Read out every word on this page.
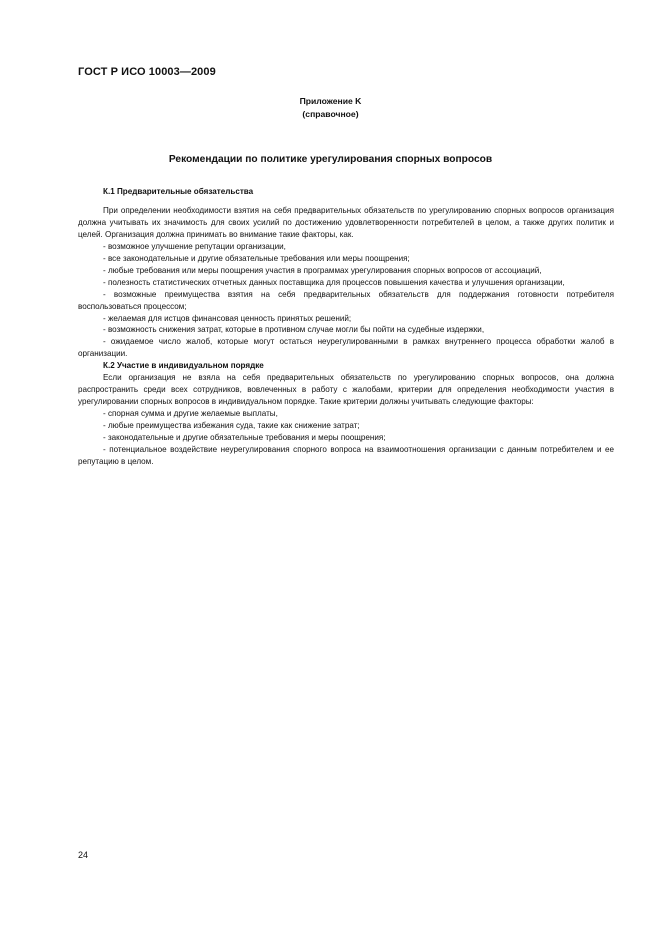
ГОСТ Р ИСО 10003—2009
Приложение K
(справочное)
Рекомендации по политике урегулирования спорных вопросов

К.1 Предварительные обязательства

При определении необходимости взятия на себя предварительных обязательств по урегулированию спорных вопросов организация должна учитывать их значимость для своих усилий по достижению удовлетворенности потребителей в целом, а также других политик и целей. Организация должна принимать во внимание такие факторы, как.

- возможное улучшение репутации организации,

- все законодательные и другие обязательные требования или меры поощрения;

- любые требования или меры поощрения участия в программах урегулирования спорных вопросов от ассоциаций,

- полезность статистических отчетных данных поставщика для процессов повышения качества и улучшения организации,

- возможные преимущества взятия на себя предварительных обязательств для поддержания готовности потребителя воспользоваться процессом;

- желаемая для истцов финансовая ценность принятых решений;

- возможность снижения затрат, которые в противном случае могли бы пойти на судебные издержки,

- ожидаемое число жалоб, которые могут остаться неурегулированными в рамках внутреннего процесса обработки жалоб в организации.

К.2 Участие в индивидуальном порядке

Если организация не взяла на себя предварительных обязательств по урегулированию спорных вопросов, она должна распространить среди всех сотрудников, вовлеченных в работу с жалобами, критерии для определения необходимости участия в урегулировании спорных вопросов в индивидуальном порядке. Такие критерии должны учитывать следующие факторы:

- спорная сумма и другие желаемые выплаты,

- любые преимущества избежания суда, такие как снижение затрат;

- законодательные и другие обязательные требования и меры поощрения;

- потенциальное воздействие неурегулирования спорного вопроса на взаимоотношения организации с данным потребителем и ее репутацию в целом.

24
